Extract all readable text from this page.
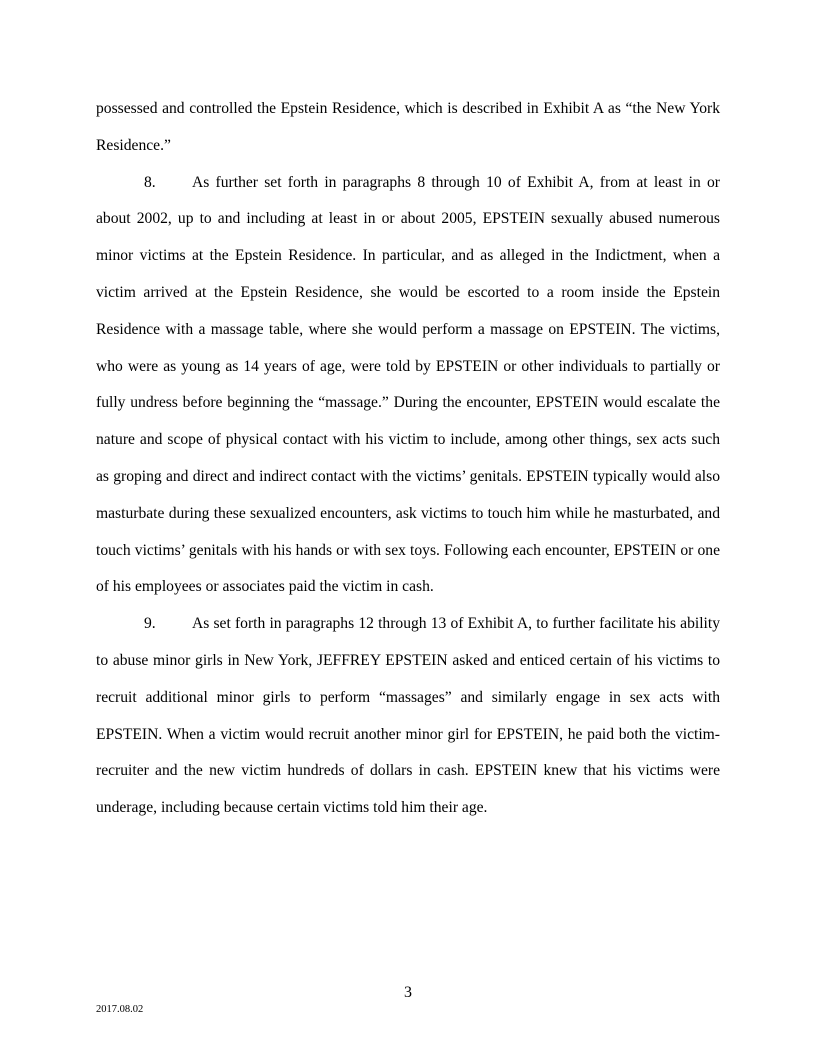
possessed and controlled the Epstein Residence, which is described in Exhibit A as “the New York Residence.”

8. As further set forth in paragraphs 8 through 10 of Exhibit A, from at least in or about 2002, up to and including at least in or about 2005, EPSTEIN sexually abused numerous minor victims at the Epstein Residence. In particular, and as alleged in the Indictment, when a victim arrived at the Epstein Residence, she would be escorted to a room inside the Epstein Residence with a massage table, where she would perform a massage on EPSTEIN. The victims, who were as young as 14 years of age, were told by EPSTEIN or other individuals to partially or fully undress before beginning the “massage.” During the encounter, EPSTEIN would escalate the nature and scope of physical contact with his victim to include, among other things, sex acts such as groping and direct and indirect contact with the victims’ genitals. EPSTEIN typically would also masturbate during these sexualized encounters, ask victims to touch him while he masturbated, and touch victims’ genitals with his hands or with sex toys. Following each encounter, EPSTEIN or one of his employees or associates paid the victim in cash.

9. As set forth in paragraphs 12 through 13 of Exhibit A, to further facilitate his ability to abuse minor girls in New York, JEFFREY EPSTEIN asked and enticed certain of his victims to recruit additional minor girls to perform “massages” and similarly engage in sex acts with EPSTEIN. When a victim would recruit another minor girl for EPSTEIN, he paid both the victim-recruiter and the new victim hundreds of dollars in cash. EPSTEIN knew that his victims were underage, including because certain victims told him their age.

3
2017.08.02
